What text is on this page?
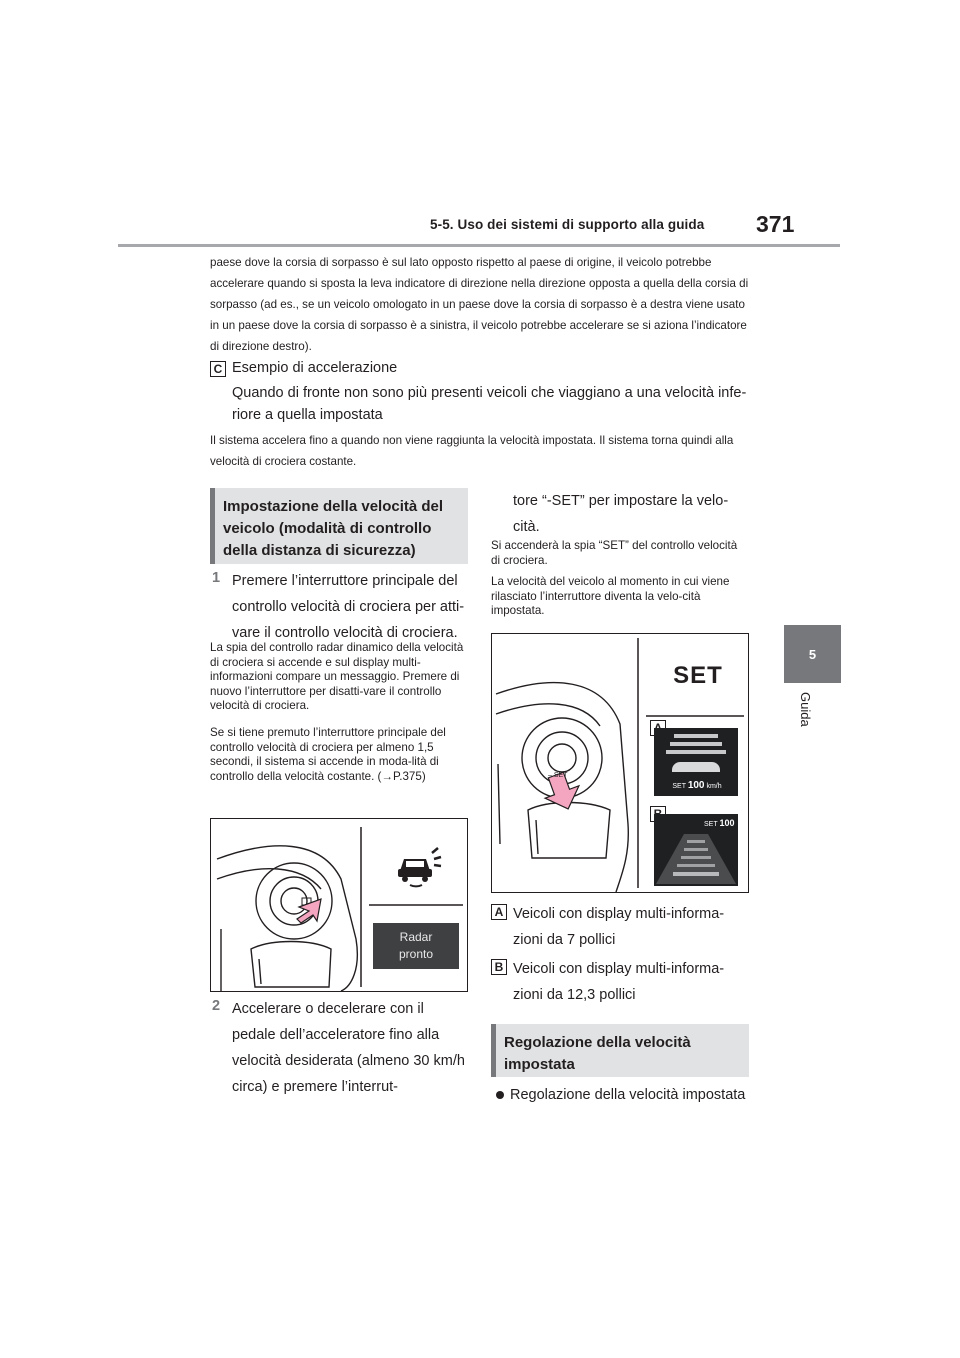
5-5. Uso dei sistemi di supporto alla guida 371
5
Guida
paese dove la corsia di sorpasso è sul lato opposto rispetto al paese di origine, il veicolo potrebbe accelerare quando si sposta la leva indicatore di direzione nella direzione opposta a quella della corsia di sorpasso (ad es., se un veicolo omologato in un paese dove la corsia di sorpasso è a destra viene usato in un paese dove la corsia di sorpasso è a sinistra, il veicolo potrebbe accelerare se si aziona l’indicatore di direzione destro).
C Esempio di accelerazione
Quando di fronte non sono più presenti veicoli che viaggiano a una velocità infe-riore a quella impostata
Il sistema accelera fino a quando non viene raggiunta la velocità impostata. Il sistema torna quindi alla velocità di crociera costante.
Impostazione della velocità del veicolo (modalità di controllo della distanza di sicurezza)
1 Premere l’interruttore principale del controllo velocità di crociera per atti-vare il controllo velocità di crociera.
La spia del controllo radar dinamico della velocità di crociera si accende e sul display multi-informazioni compare un messaggio. Premere di nuovo l’interruttore per disatti-vare il controllo velocità di crociera.
Se si tiene premuto l’interruttore principale del controllo velocità di crociera per almeno 1,5 secondi, il sistema si accende in moda-lità di controllo della velocità costante. (→P.375)
Radar
pronto
2 Accelerare o decelerare con il pedale dell’acceleratore fino alla velocità desiderata (almeno 30 km/h circa) e premere l’interrut-
tore “-SET” per impostare la velo-cità.
Si accenderà la spia “SET” del controllo velocità di crociera.
La velocità del veicolo al momento in cui viene rilasciato l’interruttore diventa la velo-cità impostata.
SET
– SET
SET 100 km/h
SET 100
A Veicoli con display multi-informa-zioni da 7 pollici
B Veicoli con display multi-informa-zioni da 12,3 pollici
Regolazione della velocità impostata
Regolazione della velocità impostata
